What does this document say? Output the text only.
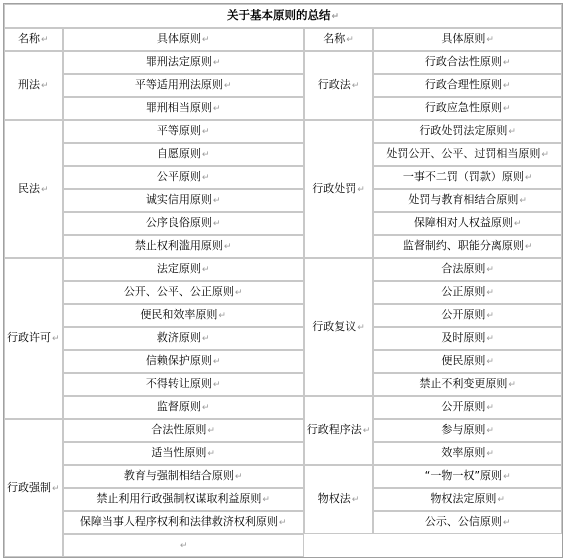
关于基本原则的总结 ↵
名称 ↵	具体原则 ↵	名称 ↵	具体原则 ↵
刑法 ↵	罪刑法定原则 ↵	行政法 ↵	行政合法性原则 ↵
	平等适用刑法原则 ↵		行政合理性原则 ↵
	罪刑相当原则 ↵		行政应急性原则 ↵
民法 ↵	平等原则 ↵	行政处罚 ↵	行政处罚法定原则 ↵
	自愿原则 ↵		处罚公开、公平、过罚相当原则 ↵
	公平原则 ↵		一事不二罚（罚款）原则 ↵
	诚实信用原则 ↵		处罚与教育相结合原则 ↵
	公序良俗原则 ↵		保障相对人权益原则 ↵
	禁止权利滥用原则 ↵		监督制约、职能分离原则 ↵
行政许可 ↵	法定原则 ↵	行政复议 ↵	合法原则 ↵
	公开、公平、公正原则 ↵		公正原则 ↵
	便民和效率原则 ↵		公开原则 ↵
	救济原则 ↵		及时原则 ↵
	信赖保护原则 ↵		便民原则 ↵
	不得转让原则 ↵		禁止不利变更原则 ↵
	监督原则 ↵	行政程序法 ↵	公开原则 ↵
行政强制 ↵	合法性原则 ↵		参与原则 ↵
	适当性原则 ↵		效率原则 ↵
	教育与强制相结合原则 ↵	物权法 ↵	“一物一权”原则 ↵
	禁止利用行政强制权谋取利益原则 ↵		物权法定原则 ↵
	保障当事人程序权利和法律救济权利原则 ↵		公示、公信原则 ↵
↵
